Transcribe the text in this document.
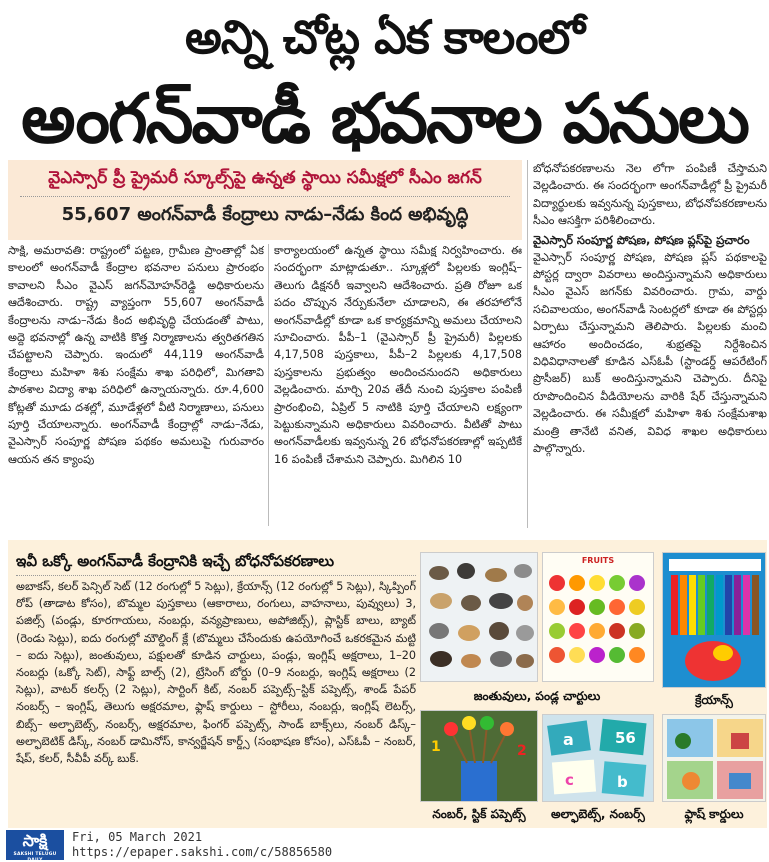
అన్ని చోట్ల ఏక కాలంలో
అంగన్‌వాడీ భవనాల పనులు
వైఎస్సార్ ప్రీ ప్రైమరీ స్కూల్స్‌పై ఉన్నత స్థాయి సమీక్షలో సీఎం జగన్
55,607 అంగన్‌వాడీ కేంద్రాలు నాడు–నేడు కింద అభివృద్ధి
సాక్షి, అమరావతి: రాష్ట్రంలో పట్టణ, గ్రామీణ ప్రాంతాల్లో ఏక కాలంలో అంగన్‌వాడీ కేంద్రాల భవనాల పనులు ప్రారంభం కావాలని సీఎం వైఎస్ జగన్‌మోహన్‌రెడ్డి అధికారులను ఆదేశించారు. రాష్ట్ర వ్యాప్తంగా 55,607 అంగన్‌వాడీ కేంద్రాలను నాడు–నేడు కింద అభివృద్ధి చేయడంతో పాటు, అద్దె భవనాల్లో ఉన్న వాటికి కొత్త నిర్మాణాలను త్వరితగతిన చేపట్టాలని చెప్పారు. ఇందులో 44,119 అంగన్‌వాడీ కేంద్రాలు మహిళా శిశు సంక్షేమ శాఖ పరిధిలో, మిగతావి పాఠశాల విద్యా శాఖ పరిధిలో ఉన్నాయన్నారు. రూ.4,600 కోట్లతో మూడు దశల్లో, మూడేళ్లలో వీటి నిర్మాణాలు, పనులు పూర్తి చేయాలన్నారు. అంగన్‌వాడీ కేంద్రాల్లో నాడు–నేడు, వైఎస్సార్ సంపూర్ణ పోషణ పథకం అమలుపై గురువారం ఆయన తన క్యాంపు
కార్యాలయంలో ఉన్నత స్థాయి సమీక్ష నిర్వహించారు. ఈ సందర్భంగా మాట్లాడుతూ.. స్కూళ్లలో పిల్లలకు ఇంగ్లిష్– తెలుగు డిక్షనరీ ఇవ్వాలని ఆదేశించారు. ప్రతి రోజూ ఒక పదం చొప్పున నేర్పుకునేలా చూడాలని, ఈ తరహాలోనే అంగన్‌వాడీల్లో కూడా ఒక కార్యక్రమాన్ని అమలు చేయాలని సూచించారు. పీపీ–1 (వైఎస్సార్ ప్రీ ప్రైమరీ) పిల్లలకు 4,17,508 పుస్తకాలు, పీపీ–2 పిల్లలకు 4,17,508 పుస్తకాలను ప్రభుత్వం అందించనుందని అధికారులు వెల్లడించారు. మార్చి 20వ తేదీ నుంచి పుస్తకాల పంపిణీ ప్రారంభించి, ఏప్రిల్ 5 నాటికి పూర్తి చేయాలని లక్ష్యంగా పెట్టుకున్నామని అధికారులు వివరించారు. వీటితో పాటు అంగన్‌వాడీలకు ఇవ్వనున్న 26 బోధనోపకరణాల్లో ఇప్పటికే 16 పంపిణీ చేశామని చెప్పారు. మిగిలిన 10

బోధనోపకరణాలను నెల లోగా పంపిణీ చేస్తామని వెల్లడించారు. ఈ సందర్భంగా అంగన్‌వాడీల్లో ప్రీ ప్రైమరీ విద్యార్థులకు ఇవ్వనున్న పుస్తకాలు, బోధనోపకరణాలను సీఎం ఆసక్తిగా పరిశీలించారు.

వైఎస్సార్ సంపూర్ణ పోషణ, పోషణ ప్లస్‌పై ప్రచారం

వైఎస్సార్ సంపూర్ణ పోషణ, పోషణ ప్లస్ పథకాలపై పోస్టర్ల ద్వారా వివరాలు అందిస్తున్నామని అధికారులు సీఎం వైఎస్ జగన్‌కు వివరించారు. గ్రామ, వార్డు సచివాలయం, అంగన్‌వాడీ సెంటర్లలో కూడా ఈ పోస్టర్లు ఏర్పాటు చేస్తున్నామని తెలిపారు. పిల్లలకు మంచి ఆహారం అందించడం, శుభ్రతపై నిర్దేశించిన విధివిధానాలతో కూడిన ఎస్‌ఓపీ (స్టాండర్డ్ ఆపరేటింగ్ ప్రొసీజర్) బుక్ అందిస్తున్నామని చెప్పారు. దీనిపై రూపొందించిన వీడియోలను వారికి షేర్ చేస్తున్నామని వెల్లడించారు. ఈ సమీక్షలో మహిళా శిశు సంక్షేమశాఖ మంత్రి తానేటి వనిత, వివిధ శాఖల అధికారులు పాల్గొన్నారు.

ఇవీ ఒక్కో అంగన్‌వాడీ కేంద్రానికి ఇచ్చే బోధనోపకరణాలు
అబాకస్, కలర్ పెన్సిల్ సెట్ (12 రంగుల్లో 5 సెట్లు), క్రేయాన్స్ (12 రంగుల్లో 5 సెట్లు), స్కిప్పింగ్ రోప్ (తాడాట కోసం), బొమ్మల పుస్తకాలు (ఆకారాలు, రంగులు, వాహనాలు, పువ్వులు) 3, పజిల్స్ (పండ్లు, కూరగాయలు, నంబర్లు, వన్యప్రాణులు, అపోజిట్స్), ప్లాస్టిక్ బాలు, బ్యాట్ (రెండు సెట్లు), ఐదు రంగుల్లో మౌల్డింగ్ క్లే (బొమ్మలు చేసేందుకు ఉపయోగించే ఒకరకమైన మట్టి – ఐదు సెట్లు), జంతువులు, పక్షులతో కూడిన చార్టులు, పండ్లు, ఇంగ్లిష్ అక్షరాలు, 1–20 నంబర్లు (ఒక్కో సెట్), సాఫ్ట్ బాల్స్ (2), ట్రేసింగ్ బోర్డు (0–9 నంబర్లు, ఇంగ్లిష్ అక్షరాలు (2 సెట్లు), వాటర్ కలర్స్ (2 సెట్లు), సార్టింగ్ కిట్, నంబర్ పప్పెట్స్–స్టిక్ పప్పెట్స్, శాండ్ పేపర్ నంబర్స్ – ఇంగ్లిష్, తెలుగు అక్షరమాల, ఫ్లాష్ కార్డులు – స్టోరీలు, నంబర్లు, ఇంగ్లిష్ లెటర్స్, బిబ్స్– అల్ఫాబెట్స్, నంబర్స్, అక్షరమాల, ఫింగర్ పప్పెట్స్, సాండ్ బాక్స్‌లు, నంబర్ డిస్క్–అల్ఫాబెటిక్ డిస్క్, నంబర్ డామినోస్, కాన్వర్జేషన్ కార్డ్స్ (సంభాషణ కోసం), ఎస్ఓపీ – నంబర్, షేప్, కలర్, సీవీపీ వర్క్ బుక్.
FRUITS
జంతువులు, పండ్ల చార్టులు	క్రేయాన్స్
1	2
నంబర్, స్టిక్ పప్పెట్స్
a	56
c	b
అల్ఫాబెట్స్, నంబర్స్	ఫ్లాష్ కార్డులు
సాక్షి
SAKSHI TELUGU DAILY
Fri, 05 March 2021
https://epaper.sakshi.com/c/58856580
